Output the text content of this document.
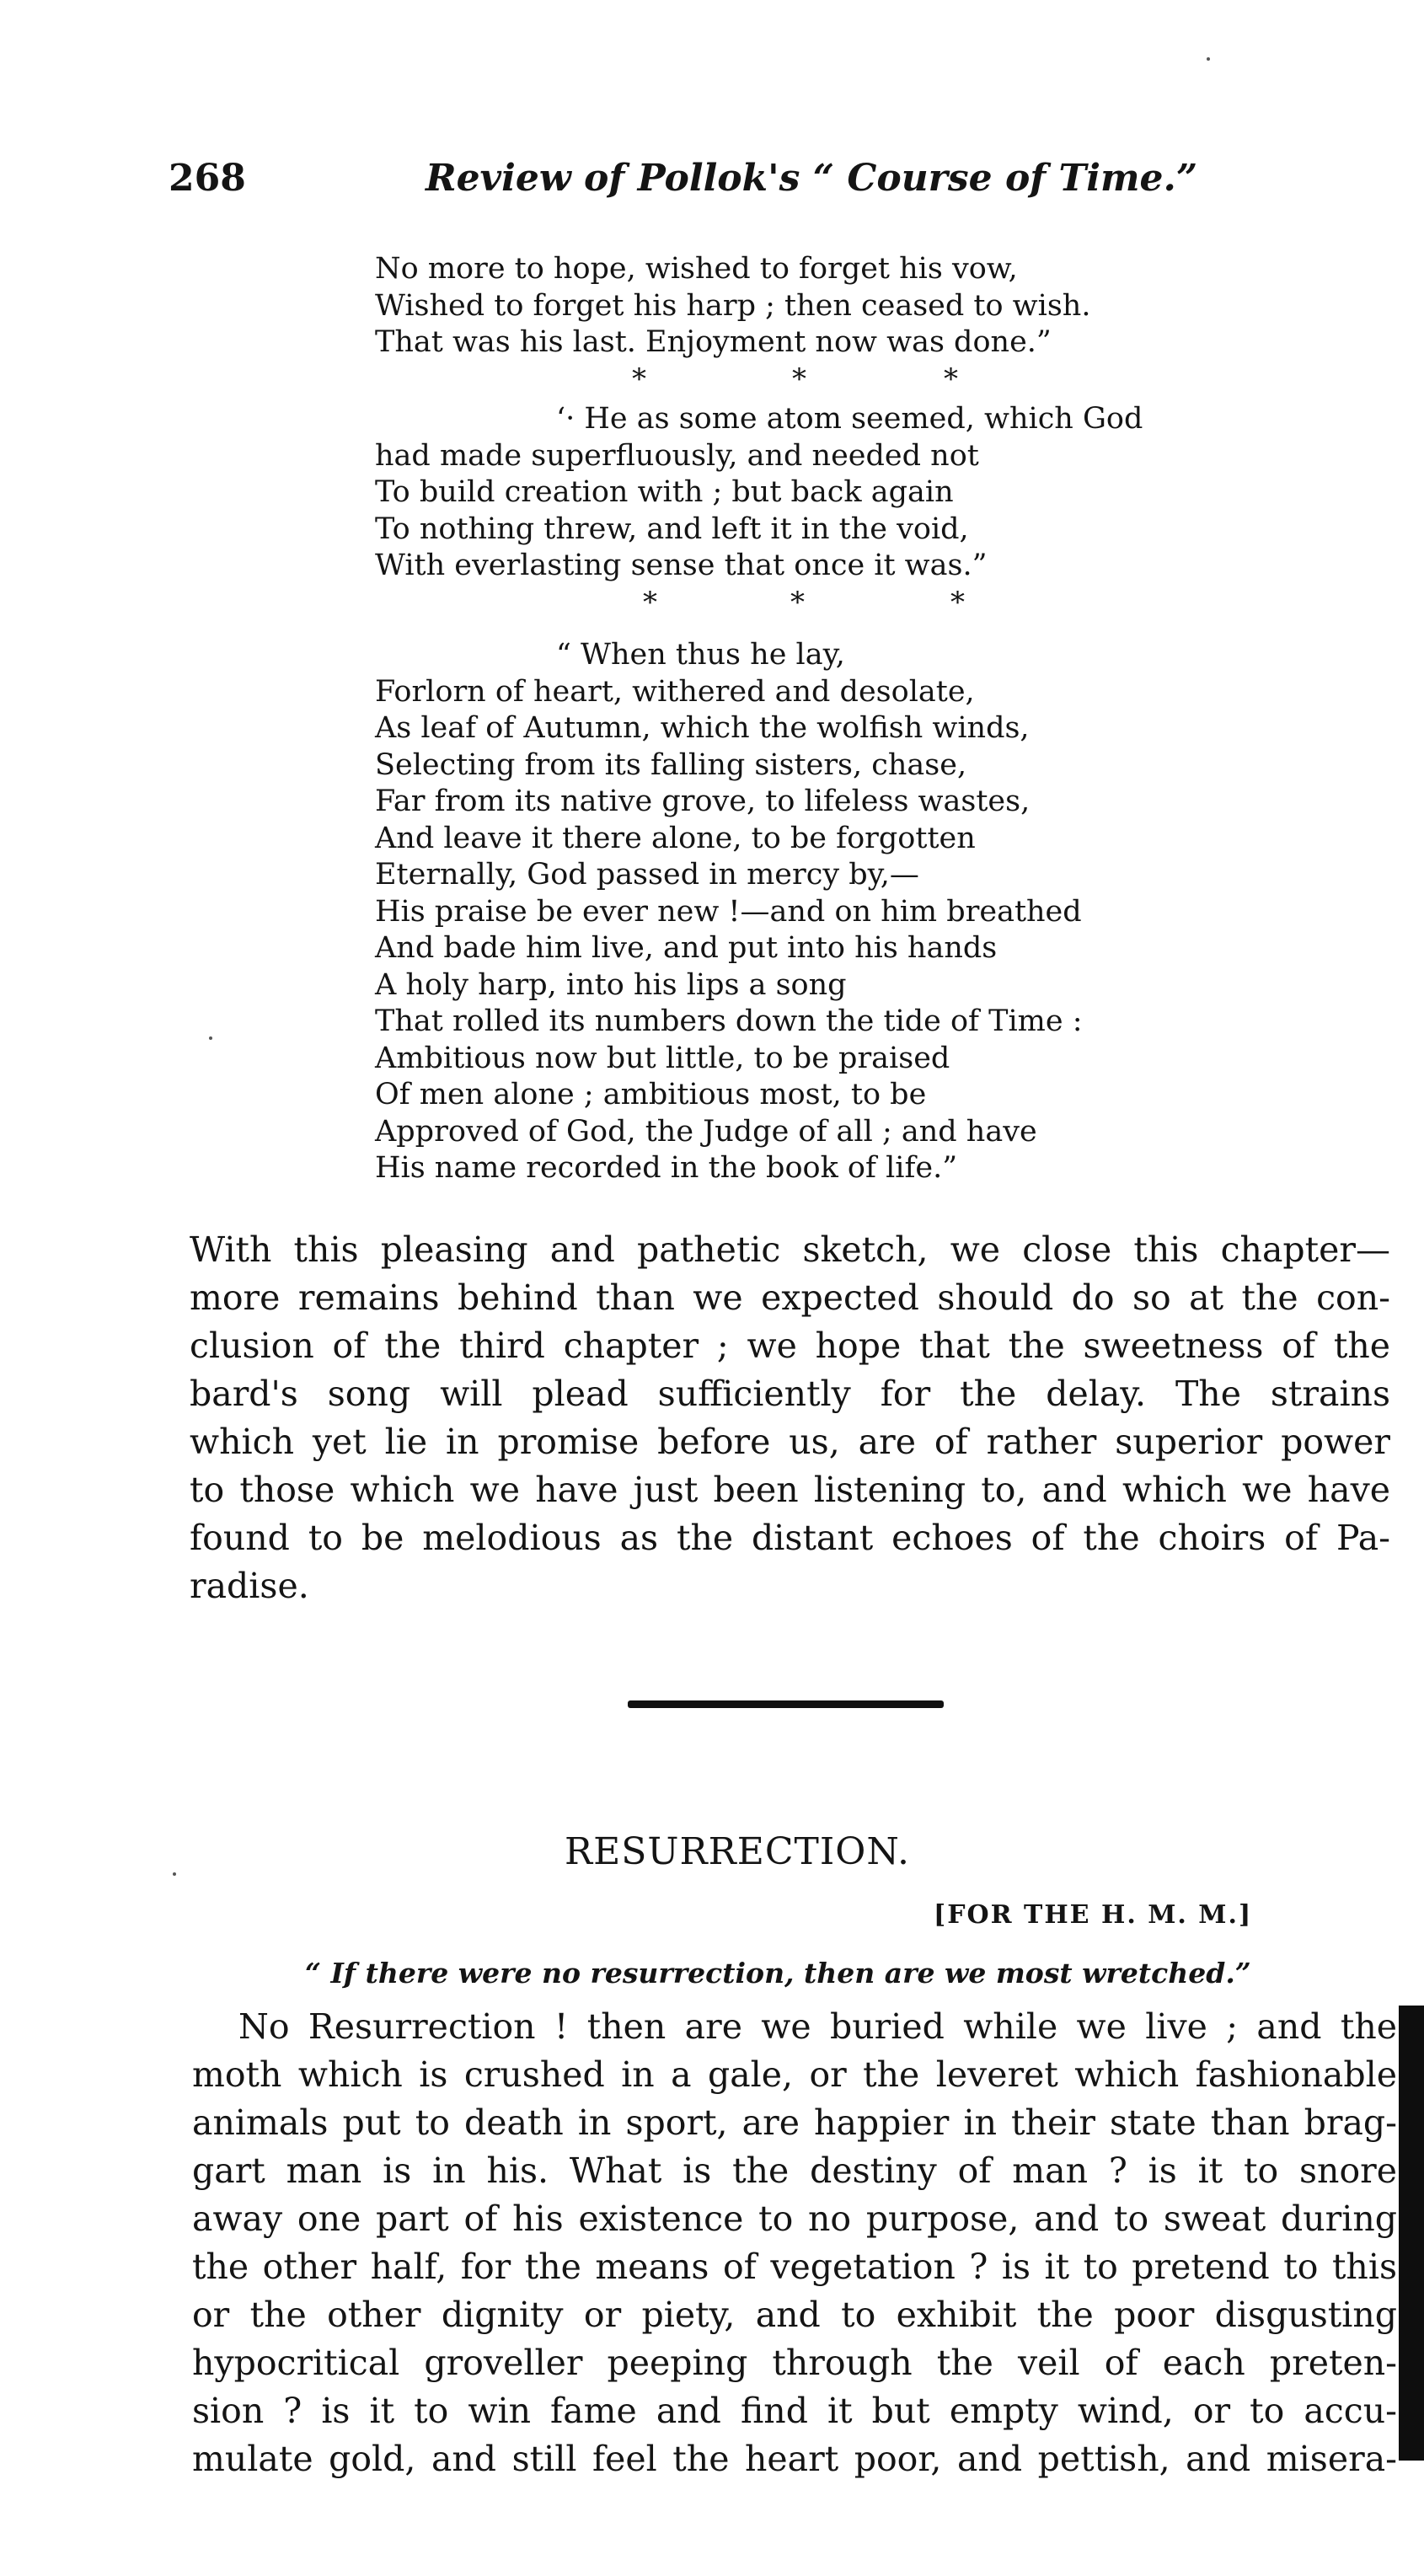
268	Review of Pollok's “ Course of Time.”
No more to hope, wished to forget his vow,
Wished to forget his harp ; then ceased to wish.
That was his last. Enjoyment now was done.”
*	*	*
‘· He as some atom seemed, which God
had made superfluously, and needed not
To build creation with ; but back again
To nothing threw, and left it in the void,
With everlasting sense that once it was.”
*	*	*
“ When thus he lay,
Forlorn of heart, withered and desolate,
As leaf of Autumn, which the wolfish winds,
Selecting from its falling sisters, chase,
Far from its native grove, to lifeless wastes,
And leave it there alone, to be forgotten
Eternally, God passed in mercy by,—
His praise be ever new !—and on him breathed
And bade him live, and put into his hands
A holy harp, into his lips a song
That rolled its numbers down the tide of Time :
Ambitious now but little, to be praised
Of men alone ; ambitious most, to be
Approved of God, the Judge of all ; and have
His name recorded in the book of life.”
With this pleasing and pathetic sketch, we close this chapter—
more remains behind than we expected should do so at the con-
clusion of the third chapter ; we hope that the sweetness of the
bard's song will plead sufficiently for the delay. The strains
which yet lie in promise before us, are of rather superior power
to those which we have just been listening to, and which we have
found to be melodious as the distant echoes of the choirs of Pa-
radise.
RESURRECTION.
[FOR THE H. M. M.]
“ If there were no resurrection, then are we most wretched.”
No Resurrection ! then are we buried while we live ; and the
moth which is crushed in a gale, or the leveret which fashionable
animals put to death in sport, are happier in their state than brag-
gart man is in his. What is the destiny of man ? is it to snore
away one part of his existence to no purpose, and to sweat during
the other half, for the means of vegetation ? is it to pretend to this
or the other dignity or piety, and to exhibit the poor disgusting
hypocritical groveller peeping through the veil of each preten-
sion ? is it to win fame and find it but empty wind, or to accu-
mulate gold, and still feel the heart poor, and pettish, and misera-
